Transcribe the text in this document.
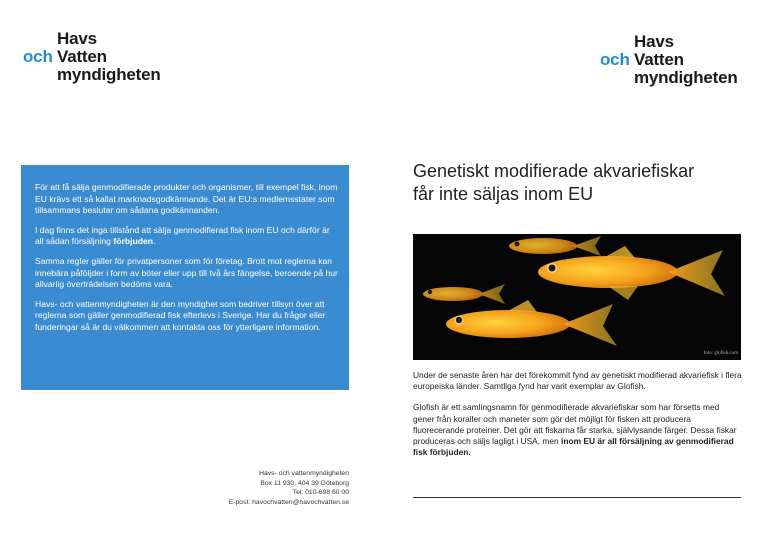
Havs
och Vatten
myndigheten
Havs
och Vatten
myndigheten

För att få sälja genmodifierade produkter och organismer, till exempel fisk, inom EU krävs ett så kallat marknadsgodkännande. Det är EU:s medlemsstater som tillsammans beslutar om sådana godkännanden.

I dag finns det inga tillstånd att sälja genmodifierad fisk inom EU och därför är all sådan försäljning förbjuden.

Samma regler gäller för privatpersoner som för företag. Brott mot reglerna kan innebära påföljder i form av böter eller upp till två års fängelse, beroende på hur allvarlig överträdelsen bedöms vara.

Havs- och vattenmyndigheten är den myndighet som bedriver tillsyn över att reglerna som gäller genmodifierad fisk efterlevs i Sverige. Har du frågor eller funderingar så är du välkommen att kontakta oss för ytterligare information.

Havs- och vattenmyndigheten
Box 11 930, 404 39 Göteborg
Tel: 010-698 60 00
E-post: havochvatten@havochvatten.se
Genetiskt modifierade akvariefiskar
får inte säljas inom EU
foto: glofish.com

Under de senaste åren har det förekommit fynd av genetiskt modifierad akvariefisk i flera europeiska länder. Samtliga fynd har varit exemplar av Glofish.

Glofish är ett samlingsnamn för genmodifierade akvariefiskar som har försetts med gener från koraller och maneter som gör det möjligt för fisken att producera fluorecerande proteiner. Det gör att fiskarna får starka, självlysande färger. Dessa fiskar produceras och säljs lagligt i USA, men inom EU är all försäljning av genmodifierad fisk förbjuden.
